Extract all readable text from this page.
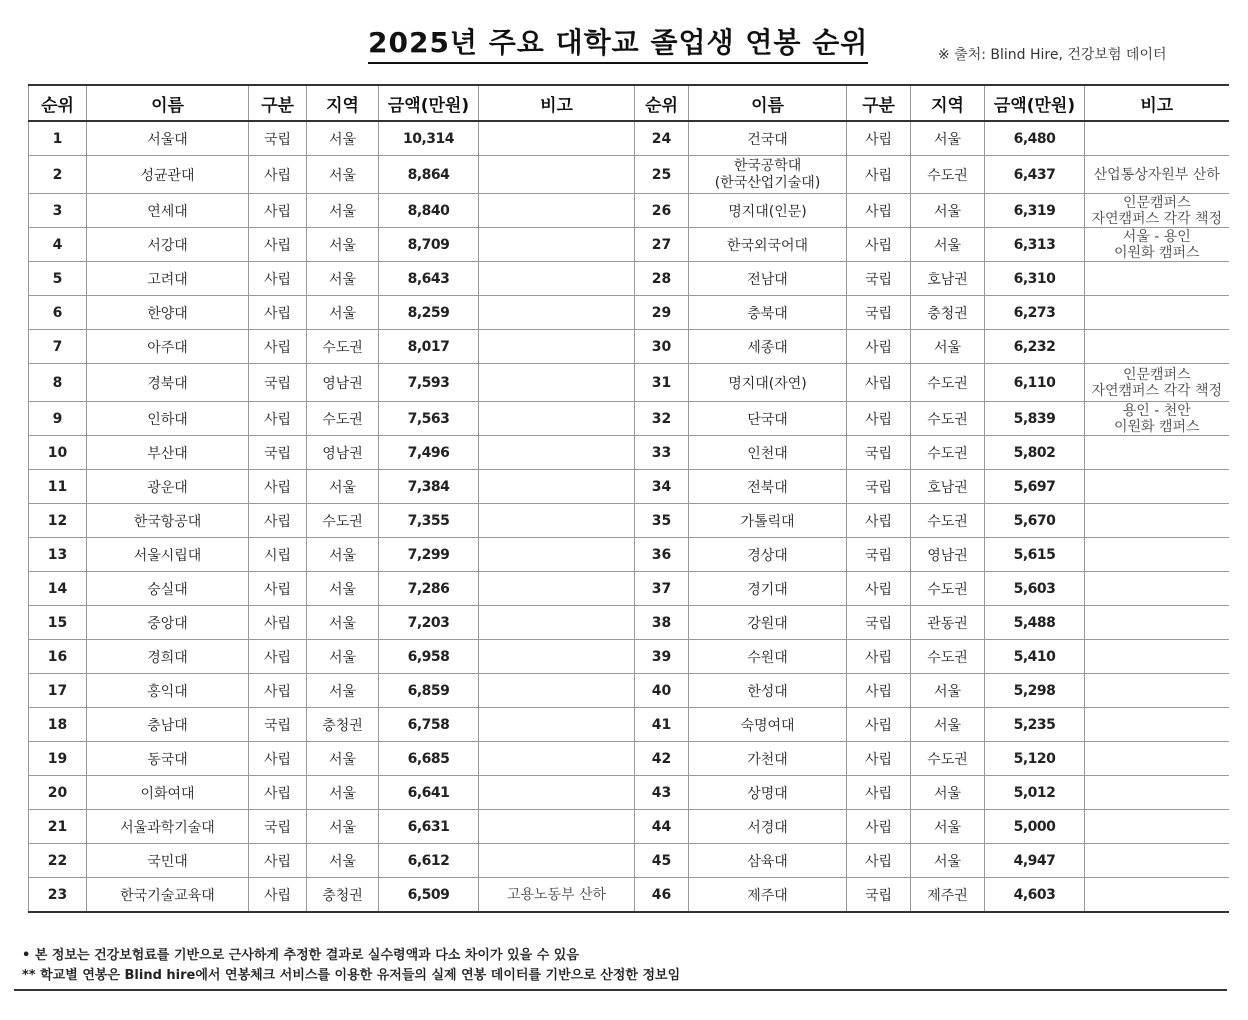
2025년 주요 대학교 졸업생 연봉 순위	※ 출처: Blind Hire, 건강보험 데이터
순위	이름	구분	지역	금액(만원)	비고	순위	이름	구분	지역	금액(만원)	비고
1	서울대	국립	서울	10,314		24	건국대	사립	서울	6,480	
2	성균관대	사립	서울	8,864		25	한국공학대
(한국산업기술대)	사립	수도권	6,437	산업통상자원부 산하
3	연세대	사립	서울	8,840		26	명지대(인문)	사립	서울	6,319	인문캠퍼스
자연캠퍼스 각각 책정
4	서강대	사립	서울	8,709		27	한국외국어대	사립	서울	6,313	서울 - 용인
이원화 캠퍼스
5	고려대	사립	서울	8,643		28	전남대	국립	호남권	6,310	
6	한양대	사립	서울	8,259		29	충북대	국립	충청권	6,273	
7	아주대	사립	수도권	8,017		30	세종대	사립	서울	6,232	
8	경북대	국립	영남권	7,593		31	명지대(자연)	사립	수도권	6,110	인문캠퍼스
자연캠퍼스 각각 책정
9	인하대	사립	수도권	7,563		32	단국대	사립	수도권	5,839	용인 - 천안
이원화 캠퍼스
10	부산대	국립	영남권	7,496		33	인천대	국립	수도권	5,802	
11	광운대	사립	서울	7,384		34	전북대	국립	호남권	5,697	
12	한국항공대	사립	수도권	7,355		35	가톨릭대	사립	수도권	5,670	
13	서울시립대	시립	서울	7,299		36	경상대	국립	영남권	5,615	
14	숭실대	사립	서울	7,286		37	경기대	사립	수도권	5,603	
15	중앙대	사립	서울	7,203		38	강원대	국립	관동권	5,488	
16	경희대	사립	서울	6,958		39	수원대	사립	수도권	5,410	
17	홍익대	사립	서울	6,859		40	한성대	사립	서울	5,298	
18	충남대	국립	충청권	6,758		41	숙명여대	사립	서울	5,235	
19	동국대	사립	서울	6,685		42	가천대	사립	수도권	5,120	
20	이화여대	사립	서울	6,641		43	상명대	사립	서울	5,012	
21	서울과학기술대	국립	서울	6,631		44	서경대	사립	서울	5,000	
22	국민대	사립	서울	6,612		45	삼육대	사립	서울	4,947	
23	한국기술교육대	사립	충청권	6,509	고용노동부 산하	46	제주대	국립	제주권	4,603	
• 본 정보는 건강보험료를 기반으로 근사하게 추정한 결과로 실수령액과 다소 차이가 있을 수 있음
** 학교별 연봉은 Blind hire에서 연봉체크 서비스를 이용한 유저들의 실제 연봉 데이터를 기반으로 산정한 정보임
